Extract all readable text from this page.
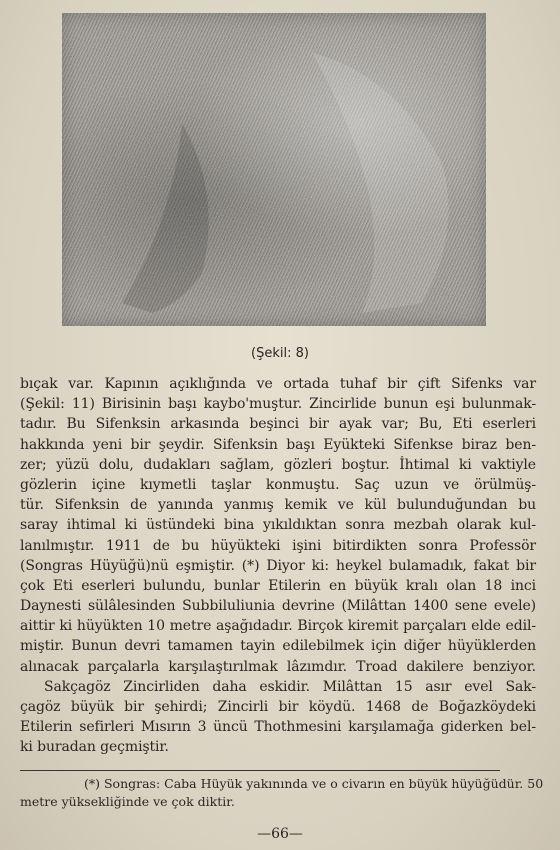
(Şekil: 8)
bıçak var. Kapının açıklığında ve ortada tuhaf bir çift Sifenks var
(Şekil: 11) Birisinin başı kaybo'muştur. Zincirlide bunun eşi bulunmak-
tadır. Bu Sifenksin arkasında beşinci bir ayak var; Bu, Eti eserleri
hakkında yeni bir şeydir. Sifenksin başı Eyükteki Sifenkse biraz ben-
zer; yüzü dolu, dudakları sağlam, gözleri boştur. İhtimal ki vaktiyle
gözlerin içine kıymetli taşlar konmuştu. Saç uzun ve örülmüş-
tür. Sifenksin de yanında yanmış kemik ve kül bulunduğundan bu
saray ihtimal ki üstündeki bina yıkıldıktan sonra mezbah olarak kul-
lanılmıştır. 1911 de bu hüyükteki işini bitirdikten sonra Professör
(Songras Hüyüğü)nü eşmiştir. (*) Diyor ki: heykel bulamadık, fakat bir
çok Eti eserleri bulundu, bunlar Etilerin en büyük kralı olan 18 inci
Daynesti sülâlesinden Subbiluliunia devrine (Milâttan 1400 sene evele)
aittir ki hüyükten 10 metre aşağıdadır. Birçok kiremit parçaları elde edil-
miştir. Bunun devri tamamen tayin edilebilmek için diğer hüyüklerden
alınacak parçalarla karşılaştırılmak lâzımdır. Troad dakilere benziyor.
Sakçagöz Zincirliden daha eskidir. Milâttan 15 asır evel Sak-
çagöz büyük bir şehirdi; Zincirli bir köydü. 1468 de Boğazköydeki
Etilerin sefirleri Mısırın 3 üncü Thothmesini karşılamağa giderken bel-
ki buradan geçmiştir.
(*) Songras: Caba Hüyük yakınında ve o civarın en büyük hüyüğüdür. 50
metre yüksekliğinde ve çok diktir.
—66—
